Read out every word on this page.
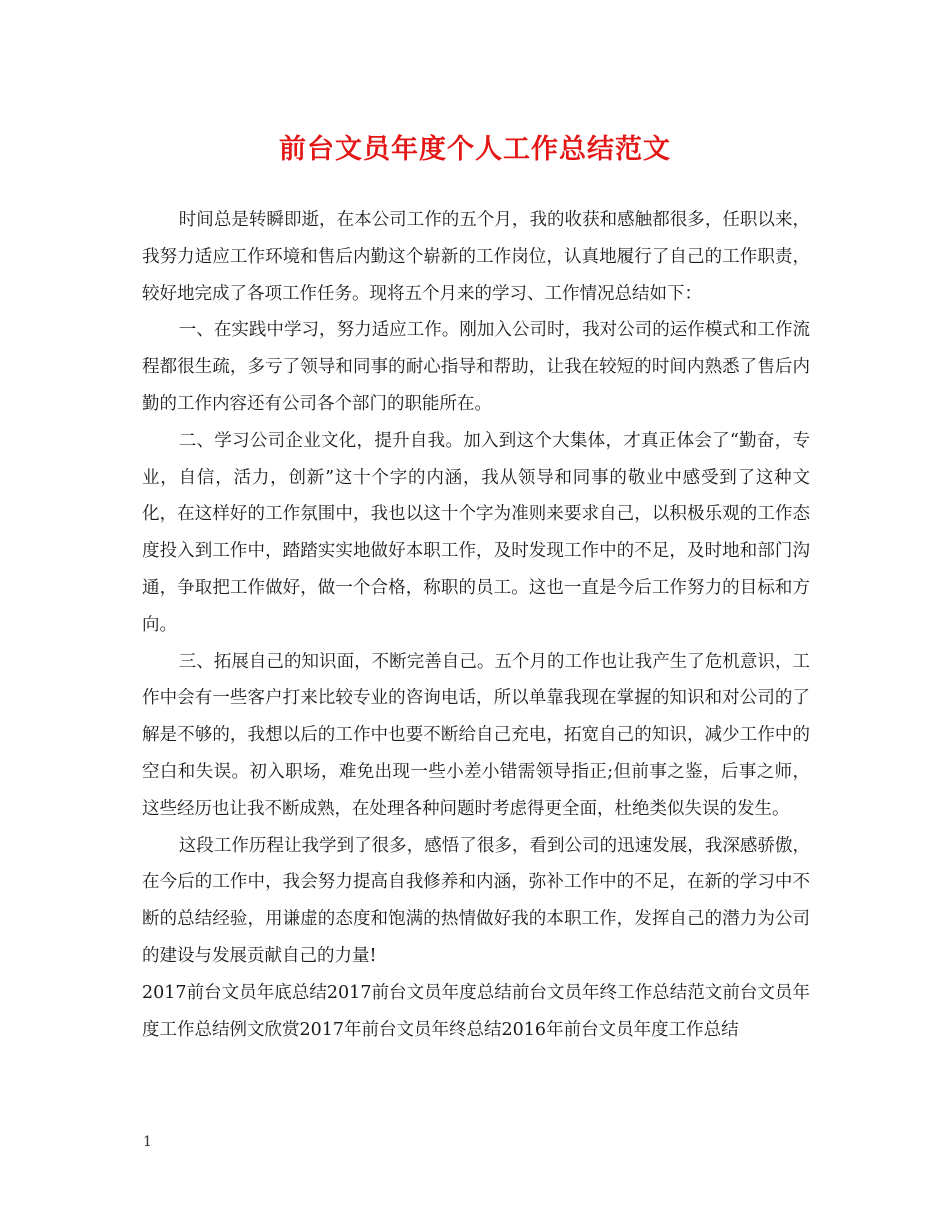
前台文员年度个人工作总结范文

时间总是转瞬即逝，在本公司工作的五个月，我的收获和感触都很多，任职以来，我努力适应工作环境和售后内勤这个崭新的工作岗位，认真地履行了自己的工作职责，较好地完成了各项工作任务。现将五个月来的学习、工作情况总结如下：

一、在实践中学习，努力适应工作。刚加入公司时，我对公司的运作模式和工作流程都很生疏，多亏了领导和同事的耐心指导和帮助，让我在较短的时间内熟悉了售后内勤的工作内容还有公司各个部门的职能所在。

二、学习公司企业文化，提升自我。加入到这个大集体，才真正体会了“勤奋，专业，自信，活力，创新”这十个字的内涵，我从领导和同事的敬业中感受到了这种文化，在这样好的工作氛围中，我也以这十个字为准则来要求自己，以积极乐观的工作态度投入到工作中，踏踏实实地做好本职工作，及时发现工作中的不足，及时地和部门沟通，争取把工作做好，做一个合格，称职的员工。这也一直是今后工作努力的目标和方向。

三、拓展自己的知识面，不断完善自己。五个月的工作也让我产生了危机意识，工作中会有一些客户打来比较专业的咨询电话，所以单靠我现在掌握的知识和对公司的了解是不够的，我想以后的工作中也要不断给自己充电，拓宽自己的知识，减少工作中的空白和失误。初入职场，难免出现一些小差小错需领导指正;但前事之鉴，后事之师，这些经历也让我不断成熟，在处理各种问题时考虑得更全面，杜绝类似失误的发生。

这段工作历程让我学到了很多，感悟了很多，看到公司的迅速发展，我深感骄傲，在今后的工作中，我会努力提高自我修养和内涵，弥补工作中的不足，在新的学习中不断的总结经验，用谦虚的态度和饱满的热情做好我的本职工作，发挥自己的潜力为公司的建设与发展贡献自己的力量!

2017前台文员年底总结2017前台文员年度总结前台文员年终工作总结范文前台文员年度工作总结例文欣赏2017年前台文员年终总结2016年前台文员年度工作总结

1
